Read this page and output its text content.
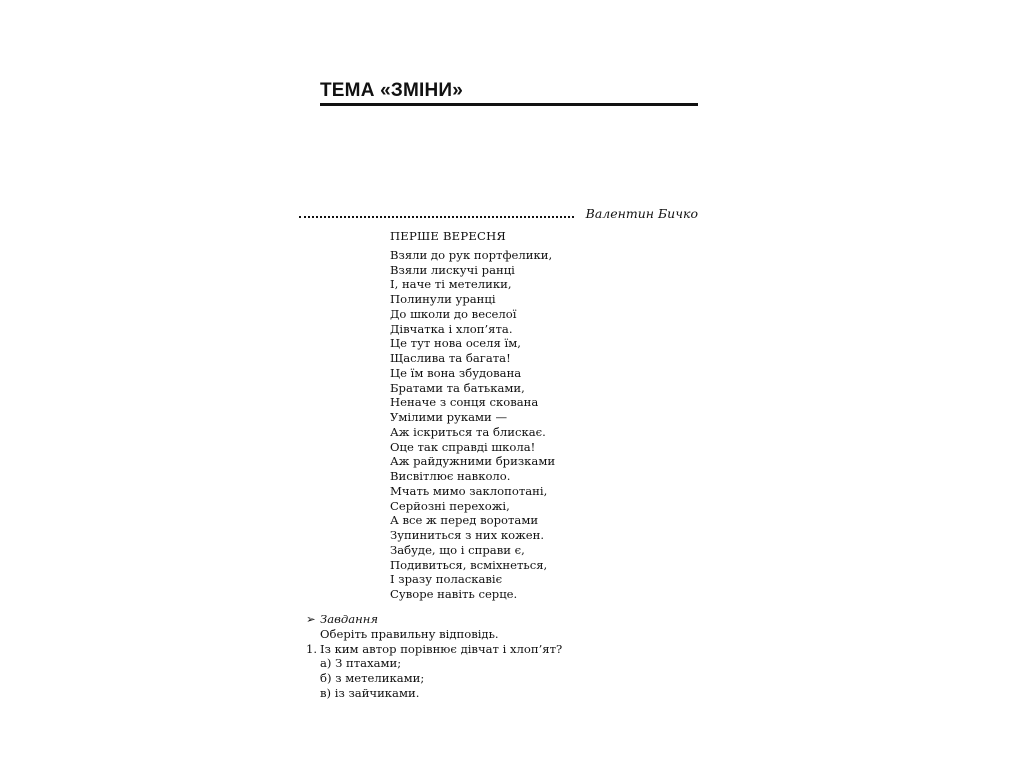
ТЕМА «ЗМІНИ»
Валентин Бичко
ПЕРШЕ ВЕРЕСНЯ
Взяли до рук портфелики,
Взяли лискучі ранці
І, наче ті метелики,
Полинули уранці
До школи до веселої
Дівчатка і хлоп’ята.
Це тут нова оселя їм,
Щаслива та багата!
Це їм вона збудована
Братами та батьками,
Неначе з сонця скована
Умілими руками —
Аж іскриться та блискає.
Оце так справді школа!
Аж райдужними бризками
Висвітлює навколо.
Мчать мимо заклопотані,
Серйозні перехожі,
А все ж перед воротами
Зупиниться з них кожен.
Забуде, що і справи є,
Подивиться, всміхнеться,
І зразу поласкавіє
Суворе навіть серце.
➢ Завдання
Оберіть правильну відповідь.
1. Із ким автор порівнює дівчат і хлоп’ят?
а) З птахами;
б) з метеликами;
в) із зайчиками.
